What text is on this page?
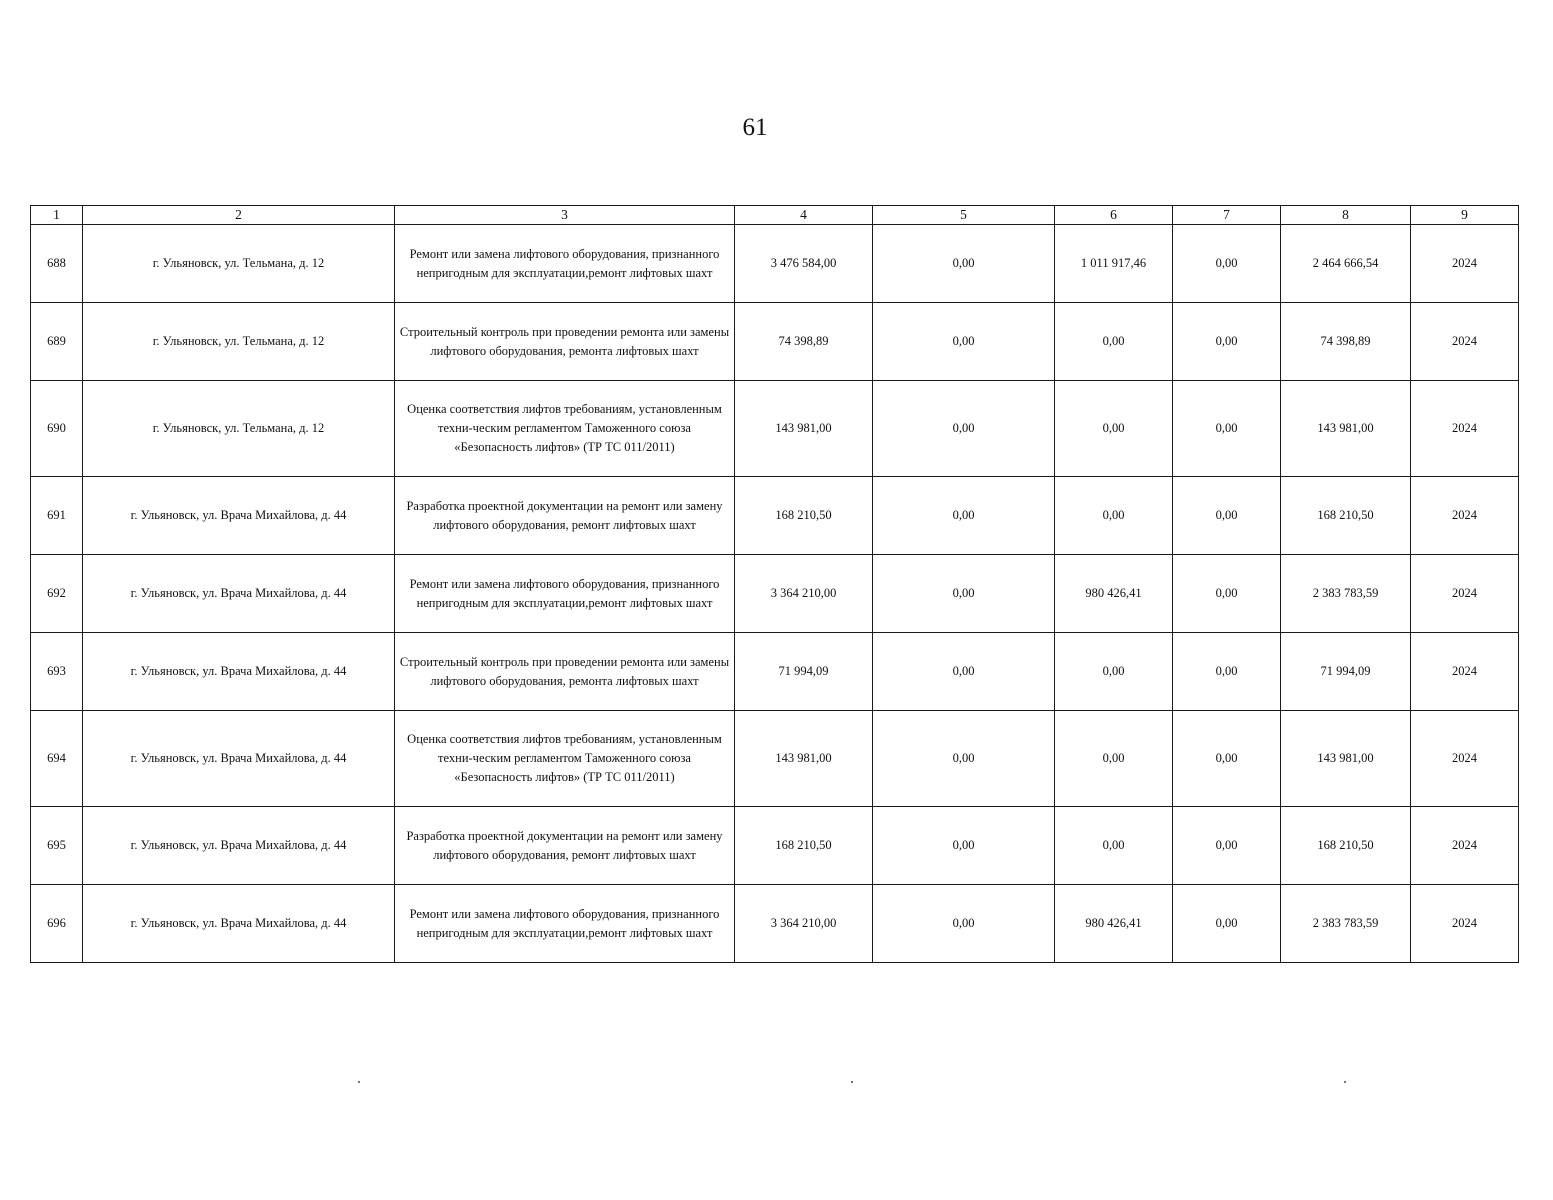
61
1	2	3	4	5	6	7	8	9
688	г. Ульяновск, ул. Тельмана, д. 12	Ремонт или замена лифтового оборудования, признанного непригодным для эксплуатации,ремонт лифтовых шахт	3 476 584,00	0,00	1 011 917,46	0,00	2 464 666,54	2024
689	г. Ульяновск, ул. Тельмана, д. 12	Строительный контроль при проведении ремонта или замены лифтового оборудования, ремонта лифтовых шахт	74 398,89	0,00	0,00	0,00	74 398,89	2024
690	г. Ульяновск, ул. Тельмана, д. 12	Оценка соответствия лифтов требованиям, установленным техни-ческим регламентом Таможенного союза «Безопасность лифтов» (ТР ТС 011/2011)	143 981,00	0,00	0,00	0,00	143 981,00	2024
691	г. Ульяновск, ул. Врача Михайлова, д. 44	Разработка проектной документации на ремонт или замену лифтового оборудования, ремонт лифтовых шахт	168 210,50	0,00	0,00	0,00	168 210,50	2024
692	г. Ульяновск, ул. Врача Михайлова, д. 44	Ремонт или замена лифтового оборудования, признанного непригодным для эксплуатации,ремонт лифтовых шахт	3 364 210,00	0,00	980 426,41	0,00	2 383 783,59	2024
693	г. Ульяновск, ул. Врача Михайлова, д. 44	Строительный контроль при проведении ремонта или замены лифтового оборудования, ремонта лифтовых шахт	71 994,09	0,00	0,00	0,00	71 994,09	2024
694	г. Ульяновск, ул. Врача Михайлова, д. 44	Оценка соответствия лифтов требованиям, установленным техни-ческим регламентом Таможенного союза «Безопасность лифтов» (ТР ТС 011/2011)	143 981,00	0,00	0,00	0,00	143 981,00	2024
695	г. Ульяновск, ул. Врача Михайлова, д. 44	Разработка проектной документации на ремонт или замену лифтового оборудования, ремонт лифтовых шахт	168 210,50	0,00	0,00	0,00	168 210,50	2024
696	г. Ульяновск, ул. Врача Михайлова, д. 44	Ремонт или замена лифтового оборудования, признанного непригодным для эксплуатации,ремонт лифтовых шахт	3 364 210,00	0,00	980 426,41	0,00	2 383 783,59	2024
